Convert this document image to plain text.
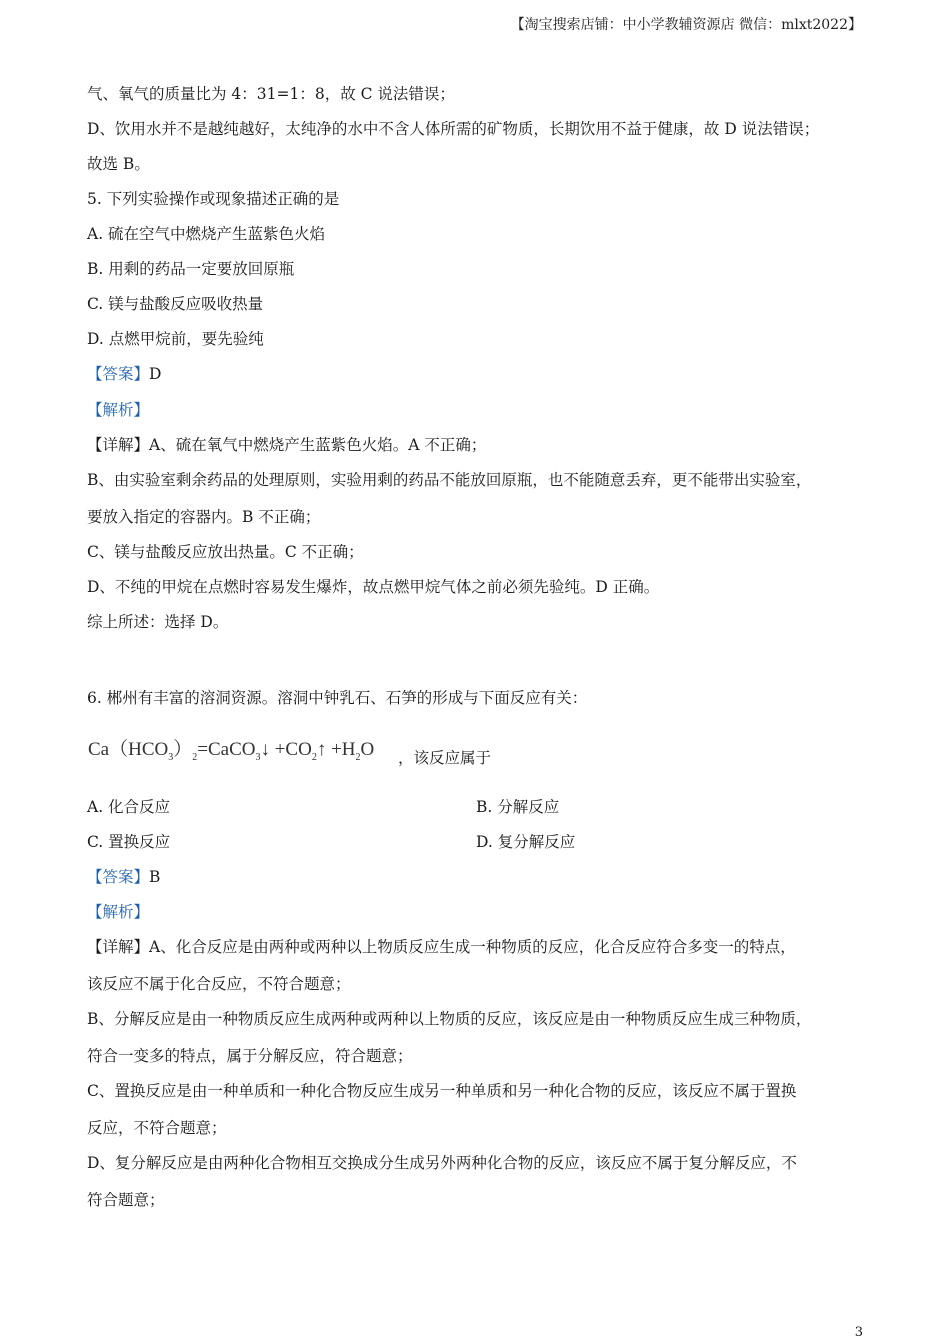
【淘宝搜索店铺：中小学教辅资源店 微信：mlxt2022】
气、氧气的质量比为 4：31=1：8，故 C 说法错误；
D、饮用水并不是越纯越好，太纯净的水中不含人体所需的矿物质，长期饮用不益于健康，故 D 说法错误；
故选 B。
5. 下列实验操作或现象描述正确的是
A. 硫在空气中燃烧产生蓝紫色火焰
B. 用剩的药品一定要放回原瓶
C. 镁与盐酸反应吸收热量
D. 点燃甲烷前，要先验纯
【答案】D
【解析】
【详解】A、硫在氧气中燃烧产生蓝紫色火焰。A 不正确；
B、由实验室剩余药品的处理原则，实验用剩的药品不能放回原瓶，也不能随意丢弃，更不能带出实验室，
要放入指定的容器内。B 不正确；
C、镁与盐酸反应放出热量。C 不正确；
D、不纯的甲烷在点燃时容易发生爆炸，故点燃甲烷气体之前必须先验纯。D 正确。
综上所述：选择 D。
6. 郴州有丰富的溶洞资源。溶洞中钟乳石、石笋的形成与下面反应有关：
$Ca(HCO_3)_2=CaCO_3↓$ $+CO_2↑ +H_2O$ ，该反应属于
A. 化合反应	B. 分解反应
C. 置换反应	D. 复分解反应
【答案】B
【解析】
【详解】A、化合反应是由两种或两种以上物质反应生成一种物质的反应，化合反应符合多变一的特点，
该反应不属于化合反应，不符合题意；
B、分解反应是由一种物质反应生成两种或两种以上物质的反应，该反应是由一种物质反应生成三种物质，
符合一变多的特点，属于分解反应，符合题意；
C、置换反应是由一种单质和一种化合物反应生成另一种单质和另一种化合物的反应，该反应不属于置换
反应，不符合题意；
D、复分解反应是由两种化合物相互交换成分生成另外两种化合物的反应，该反应不属于复分解反应，不
符合题意；
3
